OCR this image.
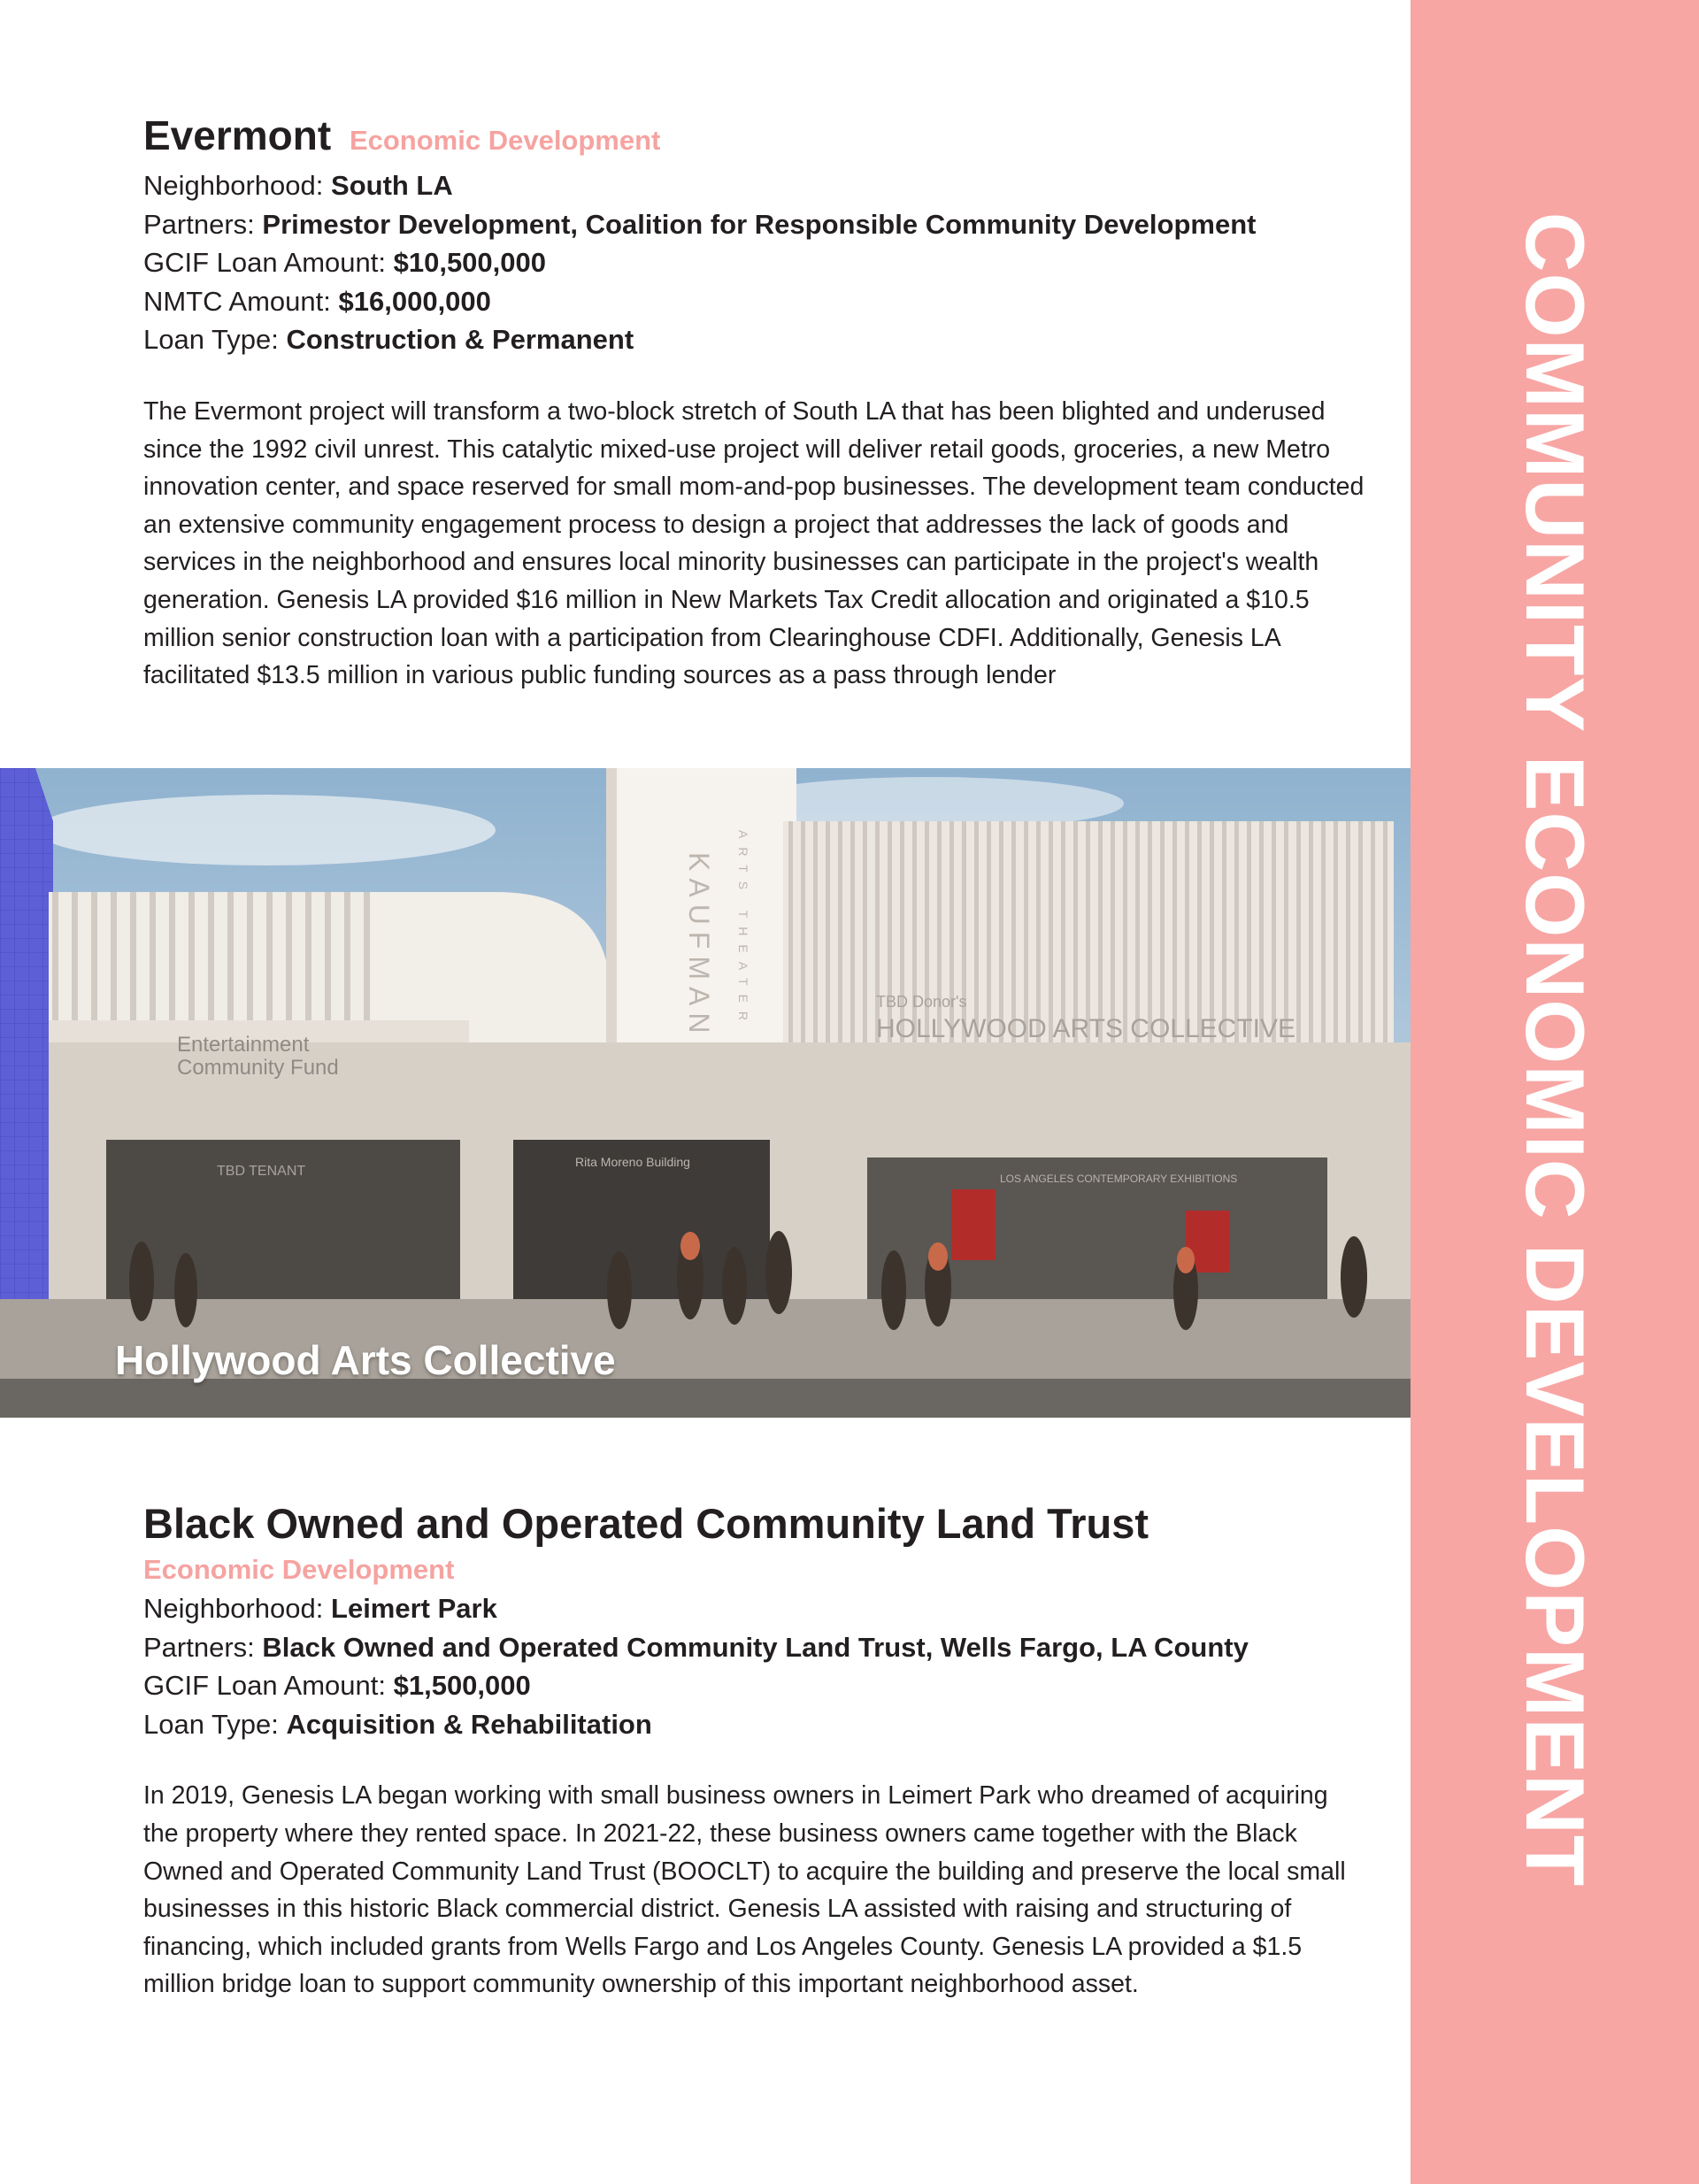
COMMUNITY ECONOMIC DEVELOPMENT
Evermont Economic Development
Neighborhood: South LA
Partners: Primestor Development, Coalition for Responsible Community Development
GCIF Loan Amount: $10,500,000
NMTC Amount: $16,000,000
Loan Type: Construction & Permanent
The Evermont project will transform a two-block stretch of South LA that has been blighted and underused since the 1992 civil unrest. This catalytic mixed-use project will deliver retail goods, groceries, a new Metro innovation center, and space reserved for small mom-and-pop businesses. The development team conducted an extensive community engagement process to design a project that addresses the lack of goods and services in the neighborhood and ensures local minority businesses can participate in the project's wealth generation. Genesis LA provided $16 million in New Markets Tax Credit allocation and originated a $10.5 million senior construction loan with a participation from Clearinghouse CDFI. Additionally, Genesis LA facilitated $13.5 million in various public funding sources as a pass through lender
Entertainment
Community Fund
TBD TENANT
KAUFMAN ARTS THEATER	TBD Donor's
HOLLYWOOD ARTS COLLECTIVE
Rita Moreno Building
LOS ANGELES CONTEMPORARY EXHIBITIONS
Hollywood Arts Collective
Black Owned and Operated Community Land Trust
Economic Development
Neighborhood: Leimert Park
Partners: Black Owned and Operated Community Land Trust, Wells Fargo, LA County
GCIF Loan Amount: $1,500,000
Loan Type: Acquisition & Rehabilitation
In 2019, Genesis LA began working with small business owners in Leimert Park who dreamed of acquiring the property where they rented space. In 2021-22, these business owners came together with the Black Owned and Operated Community Land Trust (BOOCLT) to acquire the building and preserve the local small businesses in this historic Black commercial district. Genesis LA assisted with raising and structuring of financing, which included grants from Wells Fargo and Los Angeles County. Genesis LA provided a $1.5 million bridge loan to support community ownership of this important neighborhood asset.
